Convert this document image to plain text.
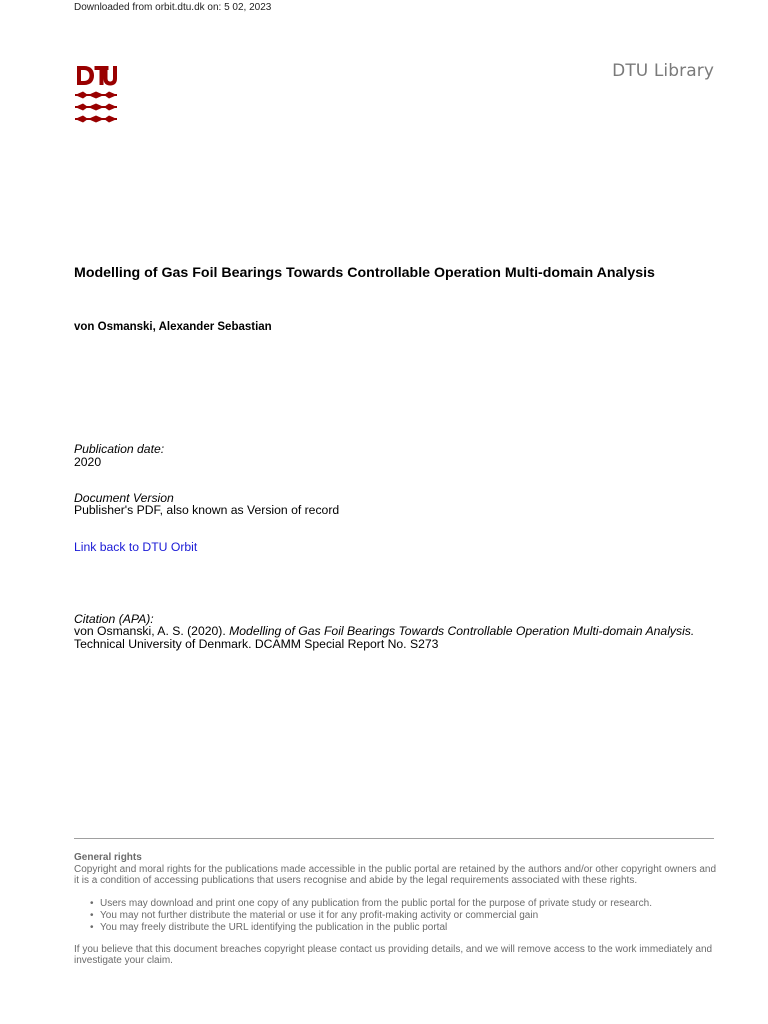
Downloaded from orbit.dtu.dk on: 5 02, 2023
DTU Library
Modelling of Gas Foil Bearings Towards Controllable Operation Multi-domain Analysis
von Osmanski, Alexander Sebastian
Publication date:
2020
Document Version
Publisher's PDF, also known as Version of record
Link back to DTU Orbit
Citation (APA):
von Osmanski, A. S. (2020). Modelling of Gas Foil Bearings Towards Controllable Operation Multi-domain Analysis. Technical University of Denmark. DCAMM Special Report No. S273
General rights
Copyright and moral rights for the publications made accessible in the public portal are retained by the authors and/or other copyright owners and it is a condition of accessing publications that users recognise and abide by the legal requirements associated with these rights.
• Users may download and print one copy of any publication from the public portal for the purpose of private study or research.
• You may not further distribute the material or use it for any profit-making activity or commercial gain
• You may freely distribute the URL identifying the publication in the public portal
If you believe that this document breaches copyright please contact us providing details, and we will remove access to the work immediately and investigate your claim.
